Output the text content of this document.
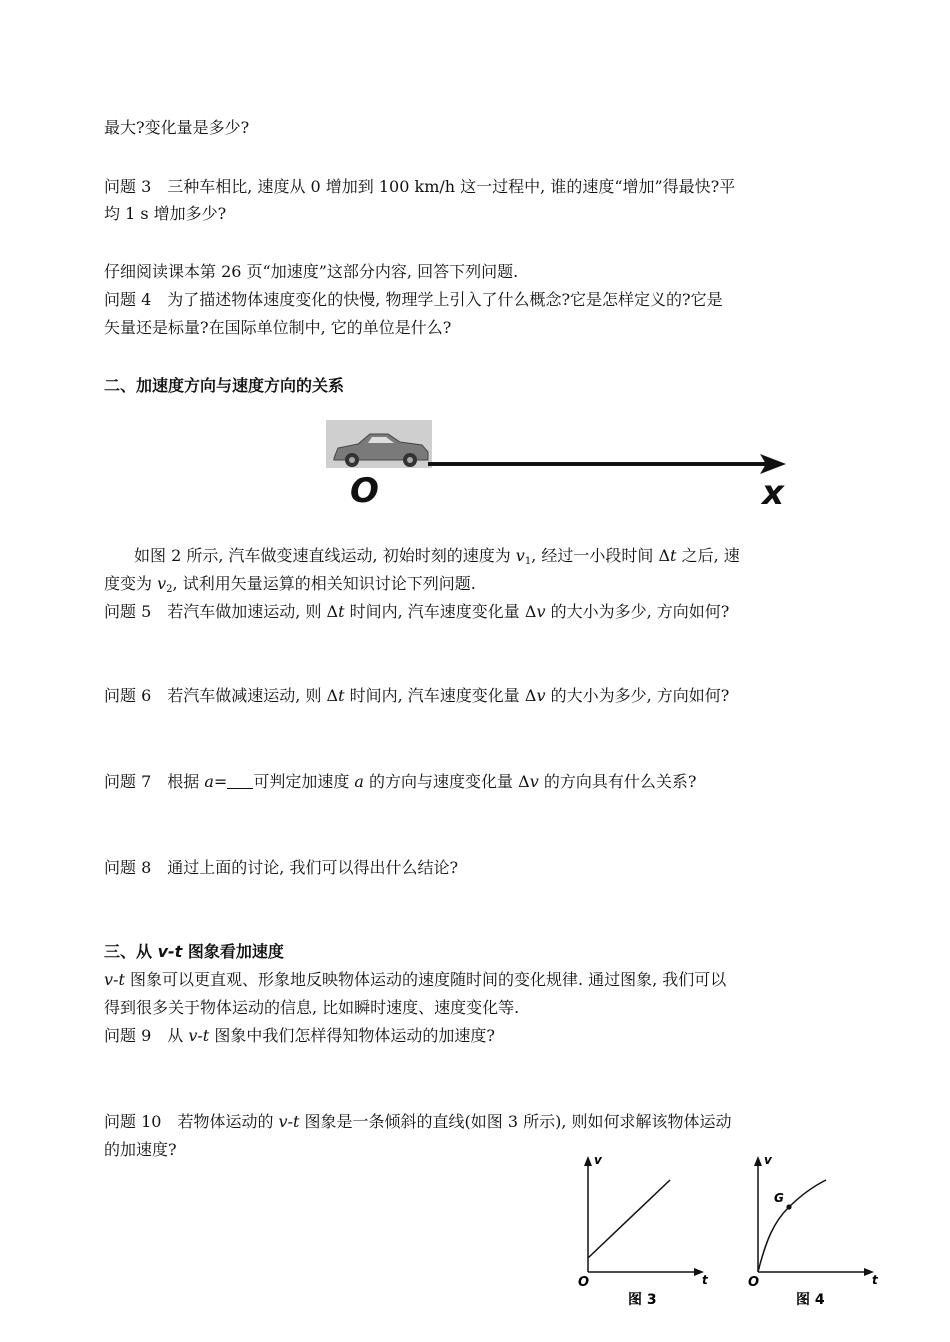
最大?变化量是多少?
问题 3　三种车相比, 速度从 0 增加到 100 km/h 这一过程中, 谁的速度“增加”得最快?平
均 1 s 增加多少?
仔细阅读课本第 26 页“加速度”这部分内容, 回答下列问题.
问题 4　为了描述物体速度变化的快慢, 物理学上引入了什么概念?它是怎样定义的?它是
矢量还是标量?在国际单位制中, 它的单位是什么?
二、加速度方向与速度方向的关系
O	x
如图 2 所示, 汽车做变速直线运动, 初始时刻的速度为 $v_1$, 经过一小段时间 Δt 之后, 速
度变为 $v_2$, 试利用矢量运算的相关知识讨论下列问题.
问题 5　若汽车做加速运动, 则 Δt 时间内, 汽车速度变化量 Δv 的大小为多少, 方向如何?
问题 6　若汽车做减速运动, 则 Δt 时间内, 汽车速度变化量 Δv 的大小为多少, 方向如何?
问题 7　根据 a= 可判定加速度 a 的方向与速度变化量 Δv 的方向具有什么关系?
问题 8　通过上面的讨论, 我们可以得出什么结论?
三、从 v-t 图象看加速度
v-t 图象可以更直观、形象地反映物体运动的速度随时间的变化规律. 通过图象, 我们可以
得到很多关于物体运动的信息, 比如瞬时速度、速度变化等.
问题 9　从 v-t 图象中我们怎样得知物体运动的加速度?
问题 10　若物体运动的 v-t 图象是一条倾斜的直线(如图 3 所示), 则如何求解该物体运动
的加速度?
v
t
O
图 3
G
v
t
O
图 4
